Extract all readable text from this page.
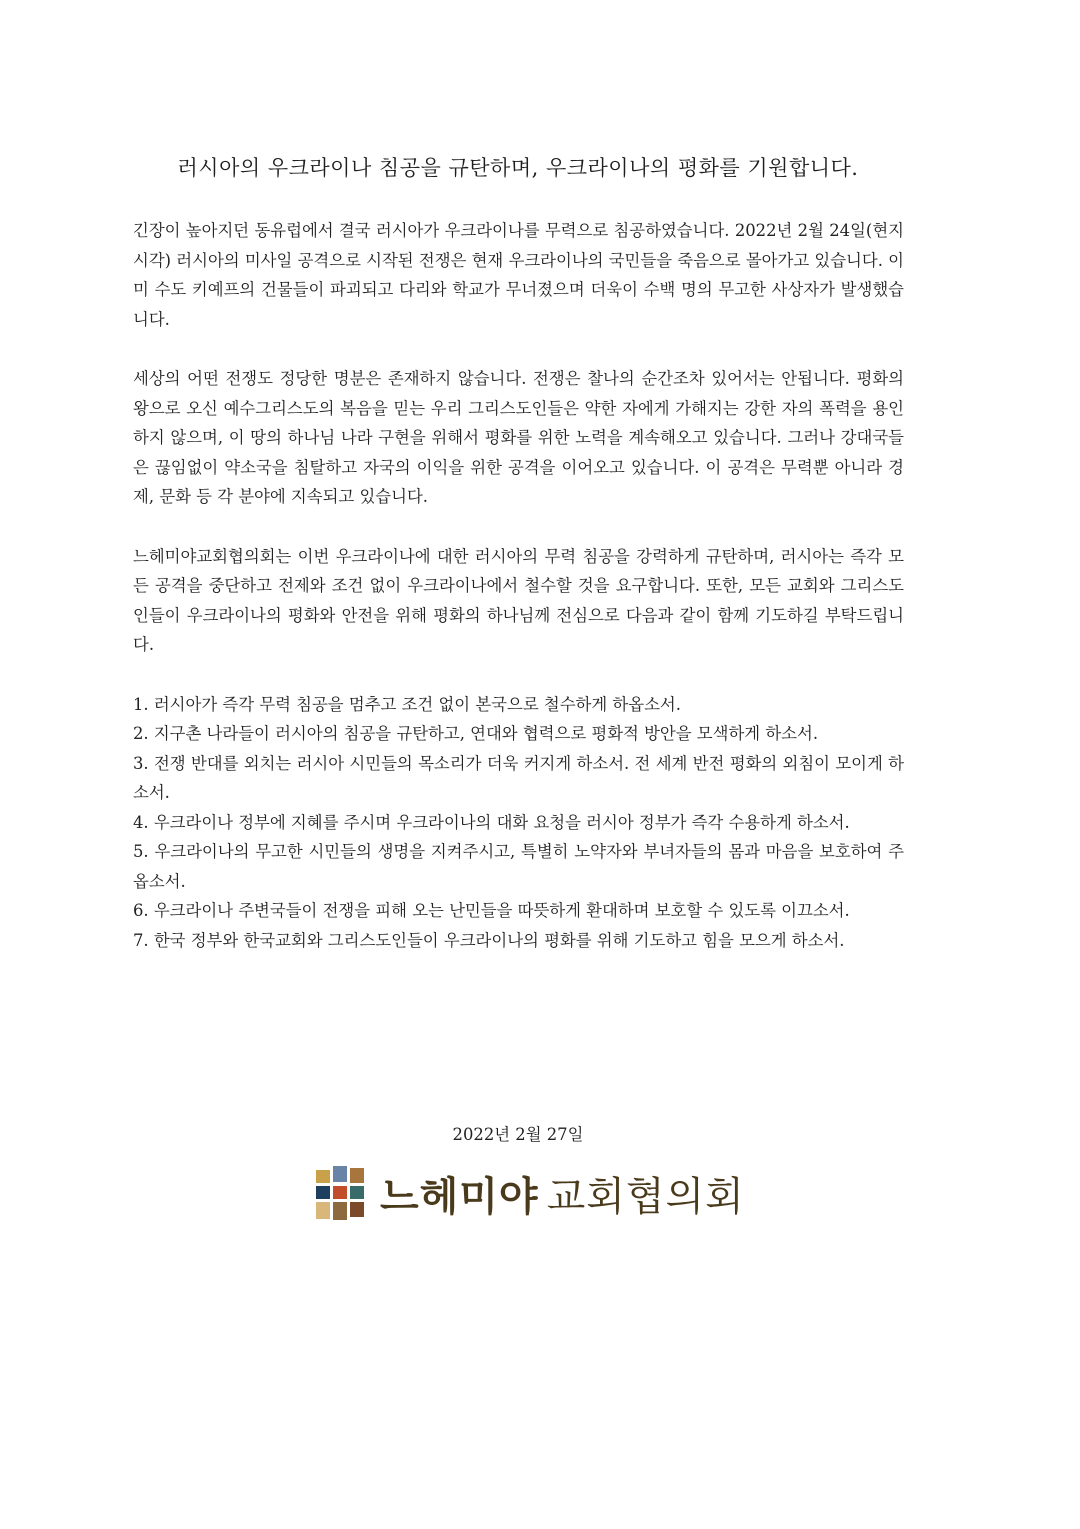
러시아의 우크라이나 침공을 규탄하며, 우크라이나의 평화를 기원합니다.

긴장이 높아지던 동유럽에서 결국 러시아가 우크라이나를 무력으로 침공하였습니다. 2022년 2월 24일(현지시각) 러시아의 미사일 공격으로 시작된 전쟁은 현재 우크라이나의 국민들을 죽음으로 몰아가고 있습니다. 이미 수도 키예프의 건물들이 파괴되고 다리와 학교가 무너졌으며 더욱이 수백 명의 무고한 사상자가 발생했습니다.

세상의 어떤 전쟁도 정당한 명분은 존재하지 않습니다. 전쟁은 찰나의 순간조차 있어서는 안됩니다. 평화의 왕으로 오신 예수그리스도의 복음을 믿는 우리 그리스도인들은 약한 자에게 가해지는 강한 자의 폭력을 용인하지 않으며, 이 땅의 하나님 나라 구현을 위해서 평화를 위한 노력을 계속해오고 있습니다. 그러나 강대국들은 끊임없이 약소국을 침탈하고 자국의 이익을 위한 공격을 이어오고 있습니다. 이 공격은 무력뿐 아니라 경제, 문화 등 각 분야에 지속되고 있습니다.

느헤미야교회협의회는 이번 우크라이나에 대한 러시아의 무력 침공을 강력하게 규탄하며, 러시아는 즉각 모든 공격을 중단하고 전제와 조건 없이 우크라이나에서 철수할 것을 요구합니다. 또한, 모든 교회와 그리스도인들이 우크라이나의 평화와 안전을 위해 평화의 하나님께 전심으로 다음과 같이 함께 기도하길 부탁드립니다.

1. 러시아가 즉각 무력 침공을 멈추고 조건 없이 본국으로 철수하게 하옵소서.
2. 지구촌 나라들이 러시아의 침공을 규탄하고, 연대와 협력으로 평화적 방안을 모색하게 하소서.
3. 전쟁 반대를 외치는 러시아 시민들의 목소리가 더욱 커지게 하소서. 전 세계 반전 평화의 외침이 모이게 하소서.
4. 우크라이나 정부에 지혜를 주시며 우크라이나의 대화 요청을 러시아 정부가 즉각 수용하게 하소서.
5. 우크라이나의 무고한 시민들의 생명을 지켜주시고, 특별히 노약자와 부녀자들의 몸과 마음을 보호하여 주옵소서.
6. 우크라이나 주변국들이 전쟁을 피해 오는 난민들을 따뜻하게 환대하며 보호할 수 있도록 이끄소서.
7. 한국 정부와 한국교회와 그리스도인들이 우크라이나의 평화를 위해 기도하고 힘을 모으게 하소서.
2022년 2월 27일
느헤미야 교회협의회
